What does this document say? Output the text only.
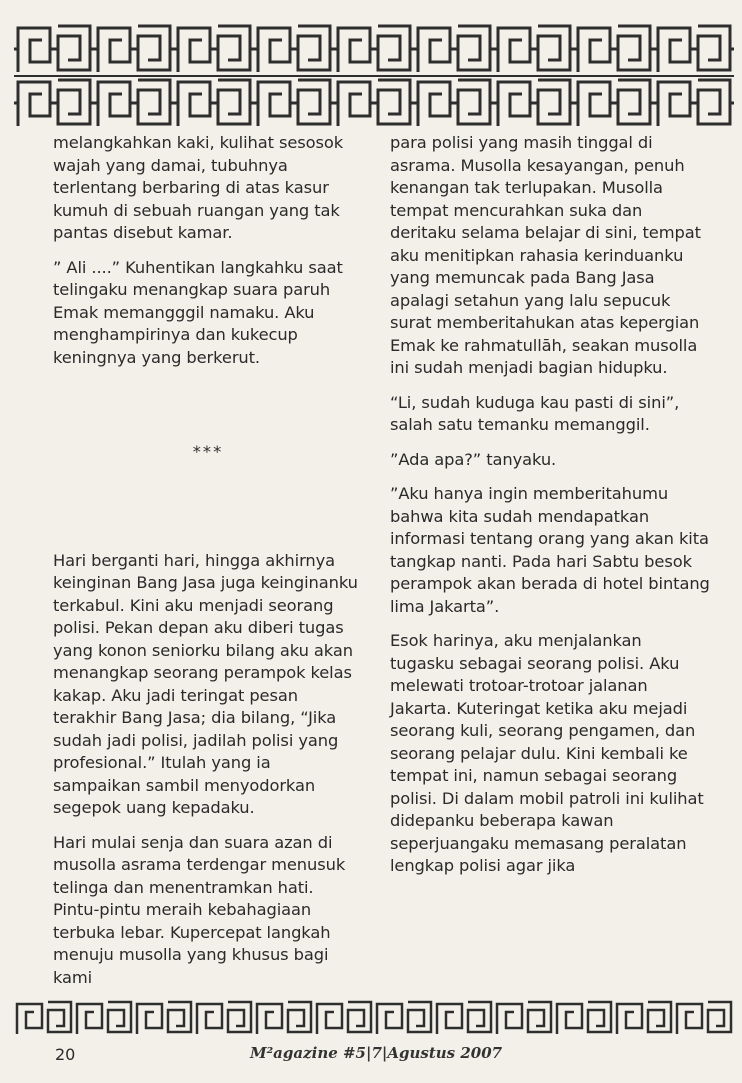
melangkahkan kaki, kulihat sesosok wajah yang damai, tubuhnya terlentang berbaring di atas kasur kumuh di sebuah ruangan yang tak pantas disebut kamar.

” Ali ....” Kuhentikan langkahku saat telingaku menangkap suara paruh Emak memangggil namaku. Aku menghampirinya dan kukecup keningnya yang berkerut.

***

Hari berganti hari, hingga akhirnya keinginan Bang Jasa juga keinginanku terkabul. Kini aku menjadi seorang polisi. Pekan depan aku diberi tugas yang konon seniorku bilang aku akan menangkap seorang perampok kelas kakap. Aku jadi teringat pesan terakhir Bang Jasa; dia bilang, “Jika sudah jadi polisi, jadilah polisi yang profesional.” Itulah yang ia sampaikan sambil menyodorkan segepok uang kepadaku.

Hari mulai senja dan suara azan di musolla asrama terdengar menusuk telinga dan menentramkan hati. Pintu-pintu meraih kebahagiaan terbuka lebar. Kupercepat langkah menuju musolla yang khusus bagi kami

para polisi yang masih tinggal di asrama. Musolla kesayangan, penuh kenangan tak terlupakan. Musolla tempat mencurahkan suka dan deritaku selama belajar di sini, tempat aku menitipkan rahasia kerinduanku yang memuncak pada Bang Jasa apalagi setahun yang lalu sepucuk surat memberitahukan atas kepergian Emak ke rahmatullāh, seakan musolla ini sudah menjadi bagian hidupku.

“Li, sudah kuduga kau pasti di sini”, salah satu temanku memanggil.

”Ada apa?” tanyaku.

”Aku hanya ingin memberitahumu bahwa kita sudah mendapatkan informasi tentang orang yang akan kita tangkap nanti. Pada hari Sabtu besok perampok akan berada di hotel bintang lima Jakarta”.

Esok harinya, aku menjalankan tugasku sebagai seorang polisi. Aku melewati trotoar-trotoar jalanan Jakarta. Kuteringat ketika aku mejadi seorang kuli, seorang pengamen, dan seorang pelajar dulu. Kini kembali ke tempat ini, namun sebagai seorang polisi. Di dalam mobil patroli ini kulihat didepanku beberapa kawan seperjuangaku memasang peralatan lengkap polisi agar jika

20	M²agazine #5|7|Agustus 2007
